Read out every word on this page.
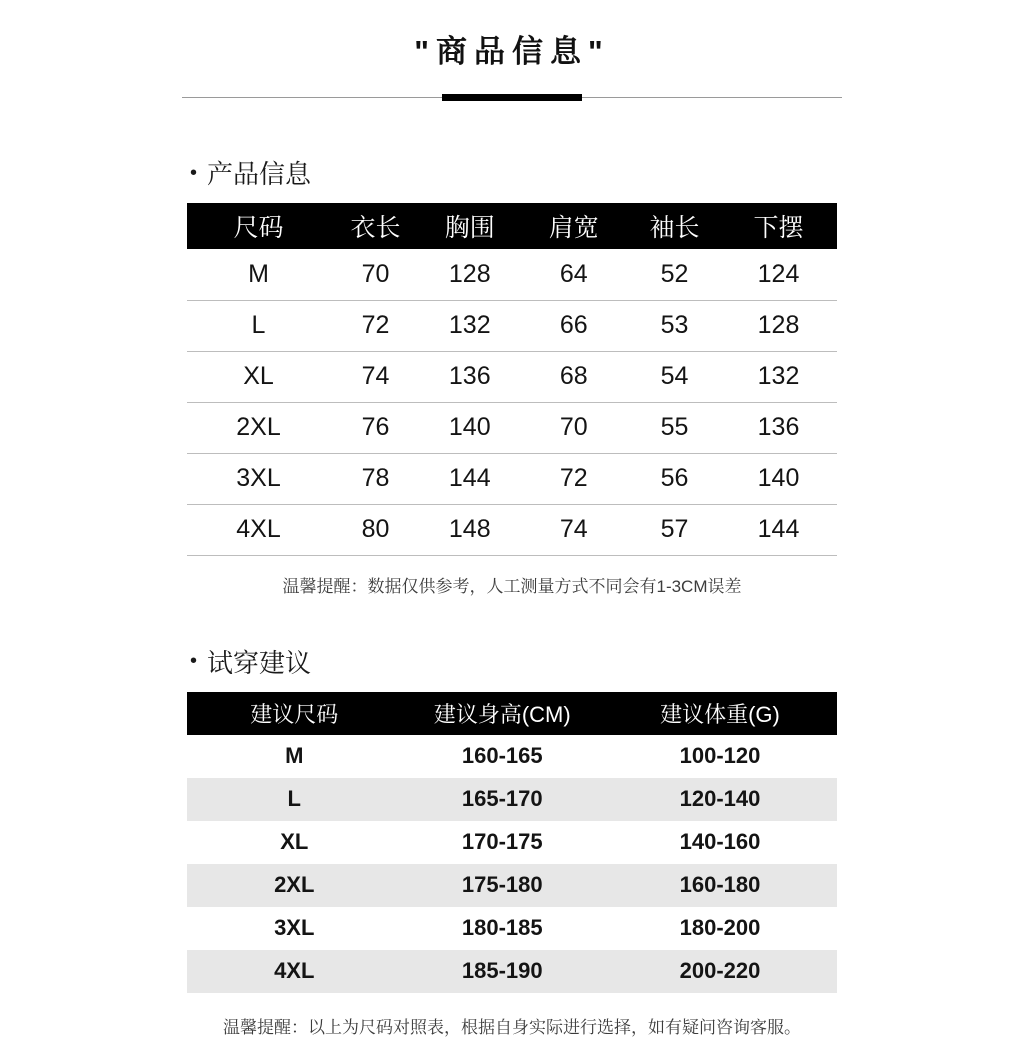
"商品信息"
• 产品信息
尺码	衣长	胸围	肩宽	袖长	下摆
M	70	128	64	52	124
L	72	132	66	53	128
XL	74	136	68	54	132
2XL	76	140	70	55	136
3XL	78	144	72	56	140
4XL	80	148	74	57	144

温馨提醒：数据仅供参考，人工测量方式不同会有1-3CM误差

• 试穿建议
建议尺码	建议身高(CM)	建议体重(G)
M	160-165	100-120
L	165-170	120-140
XL	170-175	140-160
2XL	175-180	160-180
3XL	180-185	180-200
4XL	185-190	200-220

温馨提醒：以上为尺码对照表，根据自身实际进行选择，如有疑问咨询客服。
